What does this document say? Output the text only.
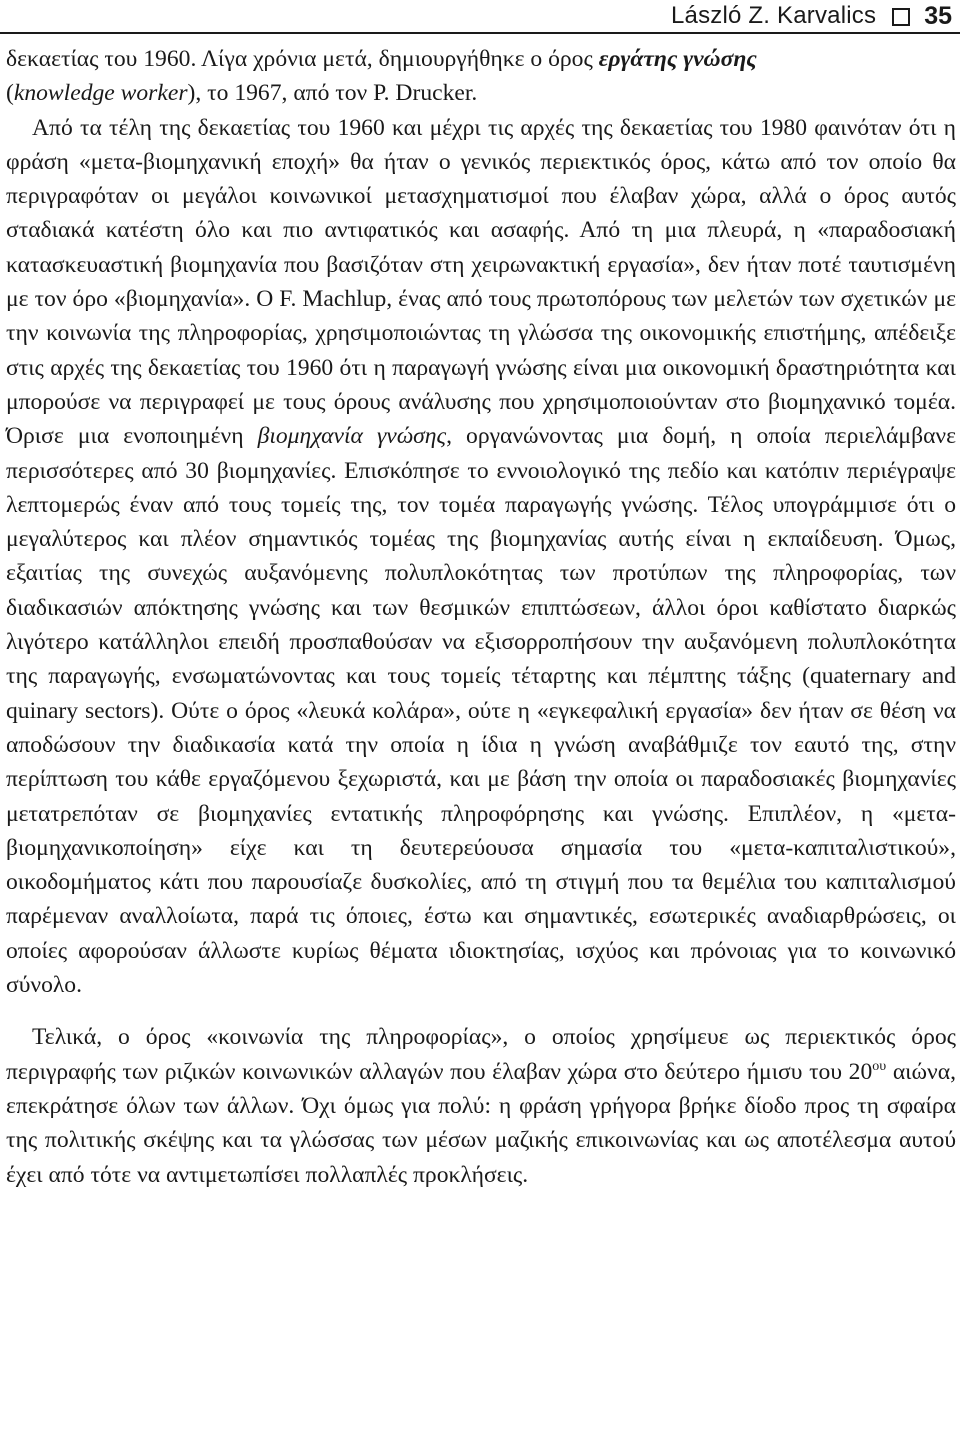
László Z. Karvalics 35

δεκαετίας του 1960. Λίγα χρόνια μετά, δημιουργήθηκε ο όρος εργάτης γνώσης
(knowledge worker), το 1967, από τον P. Drucker.

Από τα τέλη της δεκαετίας του 1960 και μέχρι τις αρχές της δεκαετίας του 1980 φαινόταν ότι η φράση «μετα-βιομηχανική εποχή» θα ήταν ο γενικός περιεκτικός όρος, κάτω από τον οποίο θα περιγραφόταν οι μεγάλοι κοινωνικοί μετασχηματισμοί που έλαβαν χώρα, αλλά ο όρος αυτός σταδιακά κατέστη όλο και πιο αντιφατικός και ασαφής. Από τη μια πλευρά, η «παραδοσιακή κατασκευαστική βιομηχανία που βασιζόταν στη χειρωνακτική εργασία», δεν ήταν ποτέ ταυτισμένη με τον όρο «βιομηχανία». Ο F. Machlup, ένας από τους πρωτοπόρους των μελετών των σχετικών με την κοινωνία της πληροφορίας, χρησιμοποιώντας τη γλώσσα της οικονομικής επιστήμης, απέδειξε στις αρχές της δεκαετίας του 1960 ότι η παραγωγή γνώσης είναι μια οικονομική δραστηριότητα και μπορούσε να περιγραφεί με τους όρους ανάλυσης που χρησιμοποιούνταν στο βιομηχανικό τομέα. Όρισε μια ενοποιημένη βιομηχανία γνώσης, οργανώνοντας μια δομή, η οποία περιελάμβανε περισσότερες από 30 βιομηχανίες. Επισκόπησε το εννοιολογικό της πεδίο και κατόπιν περιέγραψε λεπτομερώς έναν από τους τομείς της, τον τομέα παραγωγής γνώσης. Τέλος υπογράμμισε ότι ο μεγαλύτερος και πλέον σημαντικός τομέας της βιομηχανίας αυτής είναι η εκπαίδευση. Όμως, εξαιτίας της συνεχώς αυξανόμενης πολυπλοκότητας των προτύπων της πληροφορίας, των διαδικασιών απόκτησης γνώσης και των θεσμικών επιπτώσεων, άλλοι όροι καθίστατο διαρκώς λιγότερο κατάλληλοι επειδή προσπαθούσαν να εξισορροπήσουν την αυξανόμενη πολυπλοκότητα της παραγωγής, ενσωματώνοντας και τους τομείς τέταρτης και πέμπτης τάξης (quaternary and quinary sectors). Ούτε ο όρος «λευκά κολάρα», ούτε η «εγκεφαλική εργασία» δεν ήταν σε θέση να αποδώσουν την διαδικασία κατά την οποία η ίδια η γνώση αναβάθμιζε τον εαυτό της, στην περίπτωση του κάθε εργαζόμενου ξεχωριστά, και με βάση την οποία οι παραδοσιακές βιομηχανίες μετατρεπόταν σε βιομηχανίες εντατικής πληροφόρησης και γνώσης. Επιπλέον, η «μετα-βιομηχανικοποίηση» είχε και τη δευτερεύουσα σημασία του «μετα-καπιταλιστικού», οικοδομήματος κάτι που παρουσίαζε δυσκολίες, από τη στιγμή που τα θεμέλια του καπιταλισμού παρέμεναν αναλλοίωτα, παρά τις όποιες, έστω και σημαντικές, εσωτερικές αναδιαρθρώσεις, οι οποίες αφορούσαν άλλωστε κυρίως θέματα ιδιοκτησίας, ισχύος και πρόνοιας για το κοινωνικό σύνολο.

Τελικά, ο όρος «κοινωνία της πληροφορίας», ο οποίος χρησίμευε ως περιεκτικός όρος περιγραφής των ριζικών κοινωνικών αλλαγών που έλαβαν χώρα στο δεύτερο ήμισυ του $20^{o\upsilon}$ αιώνα, επεκράτησε όλων των άλλων. Όχι όμως για πολύ: η φράση γρήγορα βρήκε δίοδο προς τη σφαίρα της πολιτικής σκέψης και τα γλώσσας των μέσων μαζικής επικοινωνίας και ως αποτέλεσμα αυτού έχει από τότε να αντιμετωπίσει πολλαπλές προκλήσεις.
